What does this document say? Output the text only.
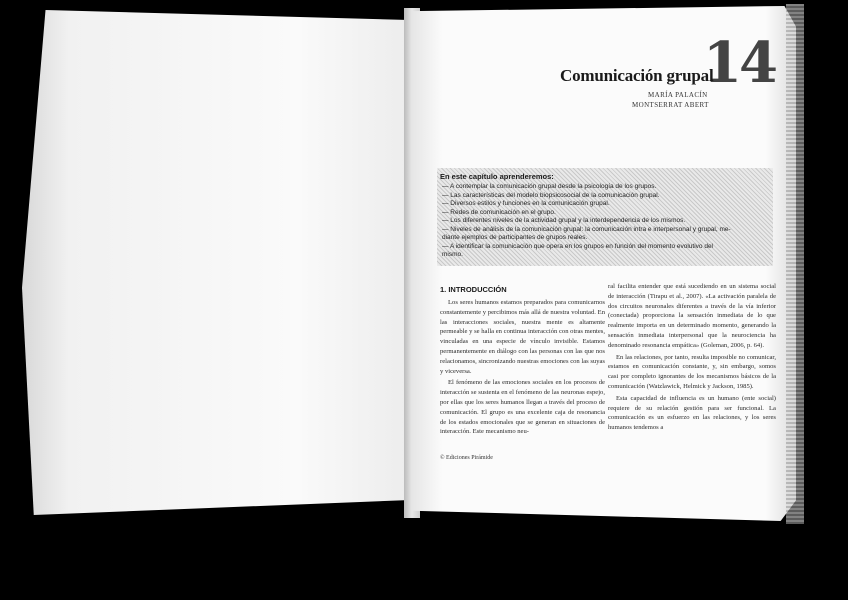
14
Comunicación grupal
MARÍA PALACÍN
MONTSERRAT ABERT
En este capítulo aprenderemos:
— A contemplar la comunicación grupal desde la psicología de los grupos.
— Las características del modelo biopsicosocial de la comunicación grupal.
— Diversos estilos y funciones en la comunicación grupal.
— Redes de comunicación en el grupo.
— Los diferentes niveles de la actividad grupal y la interdependencia de los mismos.
— Niveles de análisis de la comunicación grupal: la comunicación intra e interpersonal y grupal, me-
diante ejemplos de participantes de grupos reales.
— A identificar la comunicación que opera en los grupos en función del momento evolutivo del
mismo.
1. INTRODUCCIÓN

Los seres humanos estamos preparados para comunicarnos constantemente y percibimos más allá de nuestra voluntad. En las interacciones sociales, nuestra mente es altamente permeable y se halla en continua interacción con otras mentes, vinculadas en una especie de vínculo invisible. Estamos permanentemente en diálogo con las personas con las que nos relacionamos, sincronizando nuestras emociones con las suyas y viceversa.

El fenómeno de las emociones sociales en los procesos de interacción se sustenta en el fenómeno de las neuronas espejo, por ellas que los seres humanos llegan a través del proceso de comunicación. El grupo es una excelente caja de resonancia de los estados emocionales que se generan en situaciones de interacción. Este mecanismo neu-

ral facilita entender que está sucediendo en un sistema social de interacción (Tirapu et al., 2007). «La activación paralela de dos circuitos neuronales diferentes a través de la vía inferior (conectada) proporciona la sensación inmediata de lo que realmente importa en un determinado momento, generando la sensación inmediata interpersonal que la neurociencia ha denominado resonancia empática» (Goleman, 2006, p. 64).

En las relaciones, por tanto, resulta imposible no comunicar, estamos en comunicación constante, y, sin embargo, somos casi por completo ignorantes de los mecanismos básicos de la comunicación (Watzlawick, Helmick y Jackson, 1985).

Esta capacidad de influencia es un humano (ente social) requiere de su relación gestión para ser funcional. La comunicación es un esfuerzo en las relaciones, y los seres humanos tendemos a

© Ediciones Pirámide
